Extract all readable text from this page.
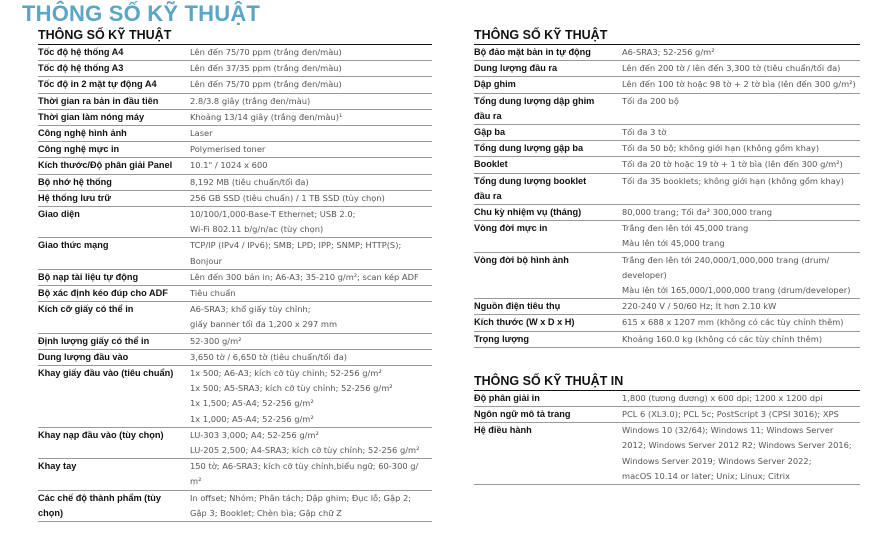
THÔNG SỐ KỸ THUẬT
THÔNG SỐ KỸ THUẬT
Tốc độ hệ thống A4	Lên đến 75/70 ppm (trắng đen/màu)

Tốc độ hệ thống A3	Lên đến 37/35 ppm (trắng đen/màu)

Tốc độ in 2 mặt tự động A4	Lên đến 75/70 ppm (trắng đen/màu)

Thời gian ra bản in đầu tiên	2.8/3.8 giây (trắng đen/màu)

Thời gian làm nóng máy	Khoảng 13/14 giây (trắng đen/màu)¹

Công nghệ hình ảnh	Laser

Công nghệ mực in	Polymerised toner

Kích thước/Độ phân giải Panel	10.1" / 1024 x 600

Bộ nhớ hệ thống	8,192 MB (tiêu chuẩn/tối đa)

Hệ thống lưu trữ	256 GB SSD (tiêu chuẩn) / 1 TB SSD (tùy chọn)

Giao diện	10/100/1,000-Base-T Ethernet; USB 2.0;
Wi-Fi 802.11 b/g/n/ac (tùy chọn)

Giao thức mạng	TCP/IP (IPv4 / IPv6); SMB; LPD; IPP; SNMP; HTTP(S);
Bonjour

Bộ nạp tài liệu tự động	Lên đến 300 bản in; A6-A3; 35-210 g/m²; scan kép ADF

Bộ xác định kéo đúp cho ADF	Tiêu chuẩn

Kích cỡ giấy có thể in	A6-SRA3; khổ giấy tùy chỉnh;
giấy banner tối đa 1,200 x 297 mm

Định lượng giấy có thể in	52-300 g/m²

Dung lượng đầu vào	3,650 tờ / 6,650 tờ (tiêu chuẩn/tối đa)

Khay giấy đầu vào (tiêu chuẩn)	1x 500; A6-A3; kích cỡ tùy chỉnh; 52-256 g/m²
1x 500; A5-SRA3; kích cỡ tùy chỉnh; 52-256 g/m²
1x 1,500; A5-A4; 52-256 g/m²
1x 1,000; A5-A4; 52-256 g/m²

Khay nạp đầu vào (tùy chọn)	LU-303 3,000; A4; 52-256 g/m²
LU-205 2,500; A4-SRA3; kích cỡ tùy chỉnh; 52-256 g/m²

Khay tay	150 tờ; A6-SRA3; kích cỡ tùy chỉnh,biểu ngữ; 60-300 g/
m²

Các chế độ thành phẩm (tùy
chọn)	In offset; Nhóm; Phân tách; Dập ghim; Đục lỗ; Gập 2;
Gập 3; Booklet; Chèn bìa; Gập chữ Z
THÔNG SỐ KỸ THUẬT
Bộ đảo mặt bản in tự động	A6-SRA3; 52-256 g/m²

Dung lượng đầu ra	Lên đến 200 tờ / lên đến 3,300 tờ (tiêu chuẩn/tối đa)

Dập ghim	Lên đến 100 tờ hoặc 98 tờ + 2 tờ bìa (lên đến 300 g/m²)

Tổng dung lượng dập ghim
đầu ra	Tối đa 200 bộ

Gập ba	Tối đa 3 tờ

Tổng dung lượng gập ba	Tối đa 50 bộ; không giới hạn (không gồm khay)

Booklet	Tối đa 20 tờ hoặc 19 tờ + 1 tờ bìa (lên đến 300 g/m²)

Tổng dung lượng booklet
đầu ra	Tối đa 35 booklets; không giới hạn (không gồm khay)

Chu kỳ nhiệm vụ (tháng)	80,000 trang; Tối đa² 300,000 trang

Vòng đời mực in	Trắng đen lên tới 45,000 trang
Màu lên tới 45,000 trang

Vòng đời bộ hình ảnh	Trắng đen lên tới 240,000/1,000,000 trang (drum/
developer)
Màu lên tới 165,000/1,000,000 trang (drum/developer)

Nguồn điện tiêu thụ	220-240 V / 50/60 Hz; Ít hơn 2.10 kW

Kích thước (W x D x H)	615 x 688 x 1207 mm (không có các tùy chỉnh thêm)

Trọng lượng	Khoảng 160.0 kg (không có các tùy chỉnh thêm)
THÔNG SỐ KỸ THUẬT IN
Độ phân giải in	1,800 (tương đương) x 600 dpi; 1200 x 1200 dpi

Ngôn ngữ mô tả trang	PCL 6 (XL3.0); PCL 5c; PostScript 3 (CPSI 3016); XPS

Hệ điều hành	Windows 10 (32/64); Windows 11; Windows Server
2012; Windows Server 2012 R2; Windows Server 2016;
Windows Server 2019; Windows Server 2022;
macOS 10.14 or later; Unix; Linux; Citrix
